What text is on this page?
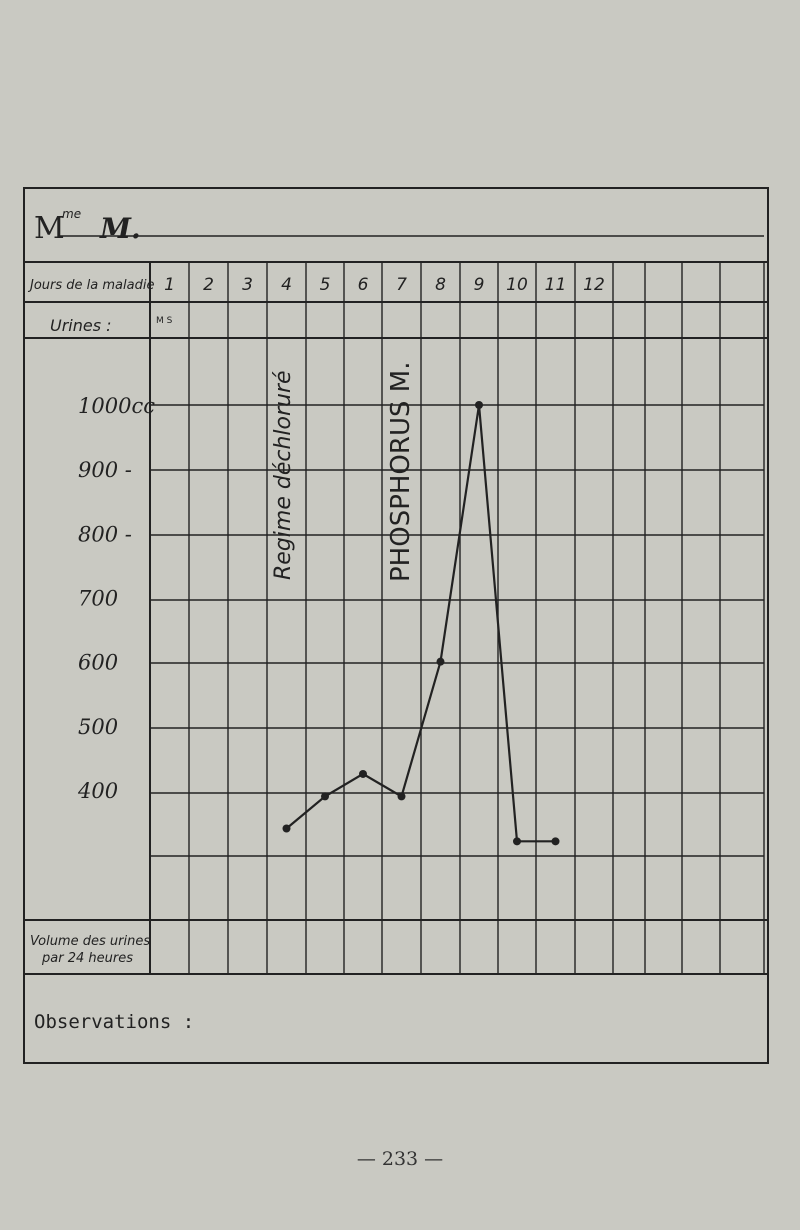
M
me M.
Jours de la maladie
Urines :	M S
Volume des urines
par 24 heures
Observations :
1000cc
900 -
800 -
700
600
500
400
1 2 3 4 5 6 7 8 9 10 11 12
Regime déchloruré	PHOSPHORUS M.
— 233 —
